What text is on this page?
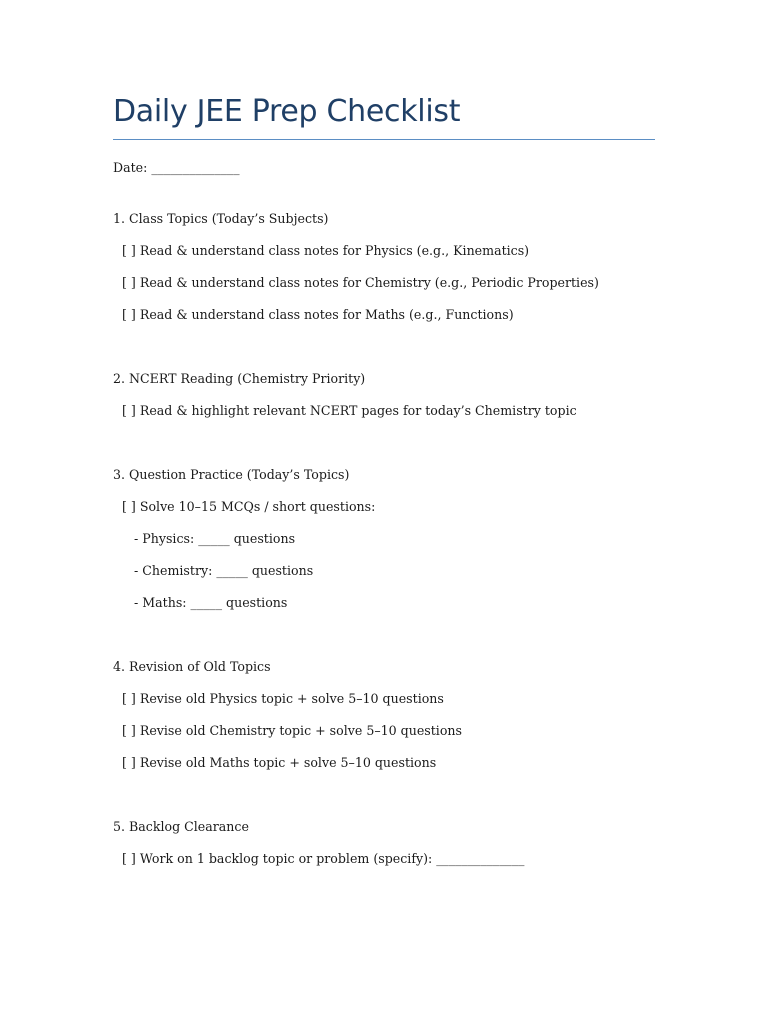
Daily JEE Prep Checklist

Date: ______________

1. Class Topics (Today’s Subjects)

[ ] Read & understand class notes for Physics (e.g., Kinematics)

[ ] Read & understand class notes for Chemistry (e.g., Periodic Properties)

[ ] Read & understand class notes for Maths (e.g., Functions)

2. NCERT Reading (Chemistry Priority)

[ ] Read & highlight relevant NCERT pages for today’s Chemistry topic

3. Question Practice (Today’s Topics)

[ ] Solve 10–15 MCQs / short questions:

- Physics: _____ questions

- Chemistry: _____ questions

- Maths: _____ questions

4. Revision of Old Topics

[ ] Revise old Physics topic + solve 5–10 questions

[ ] Revise old Chemistry topic + solve 5–10 questions

[ ] Revise old Maths topic + solve 5–10 questions

5. Backlog Clearance

[ ] Work on 1 backlog topic or problem (specify): ______________
